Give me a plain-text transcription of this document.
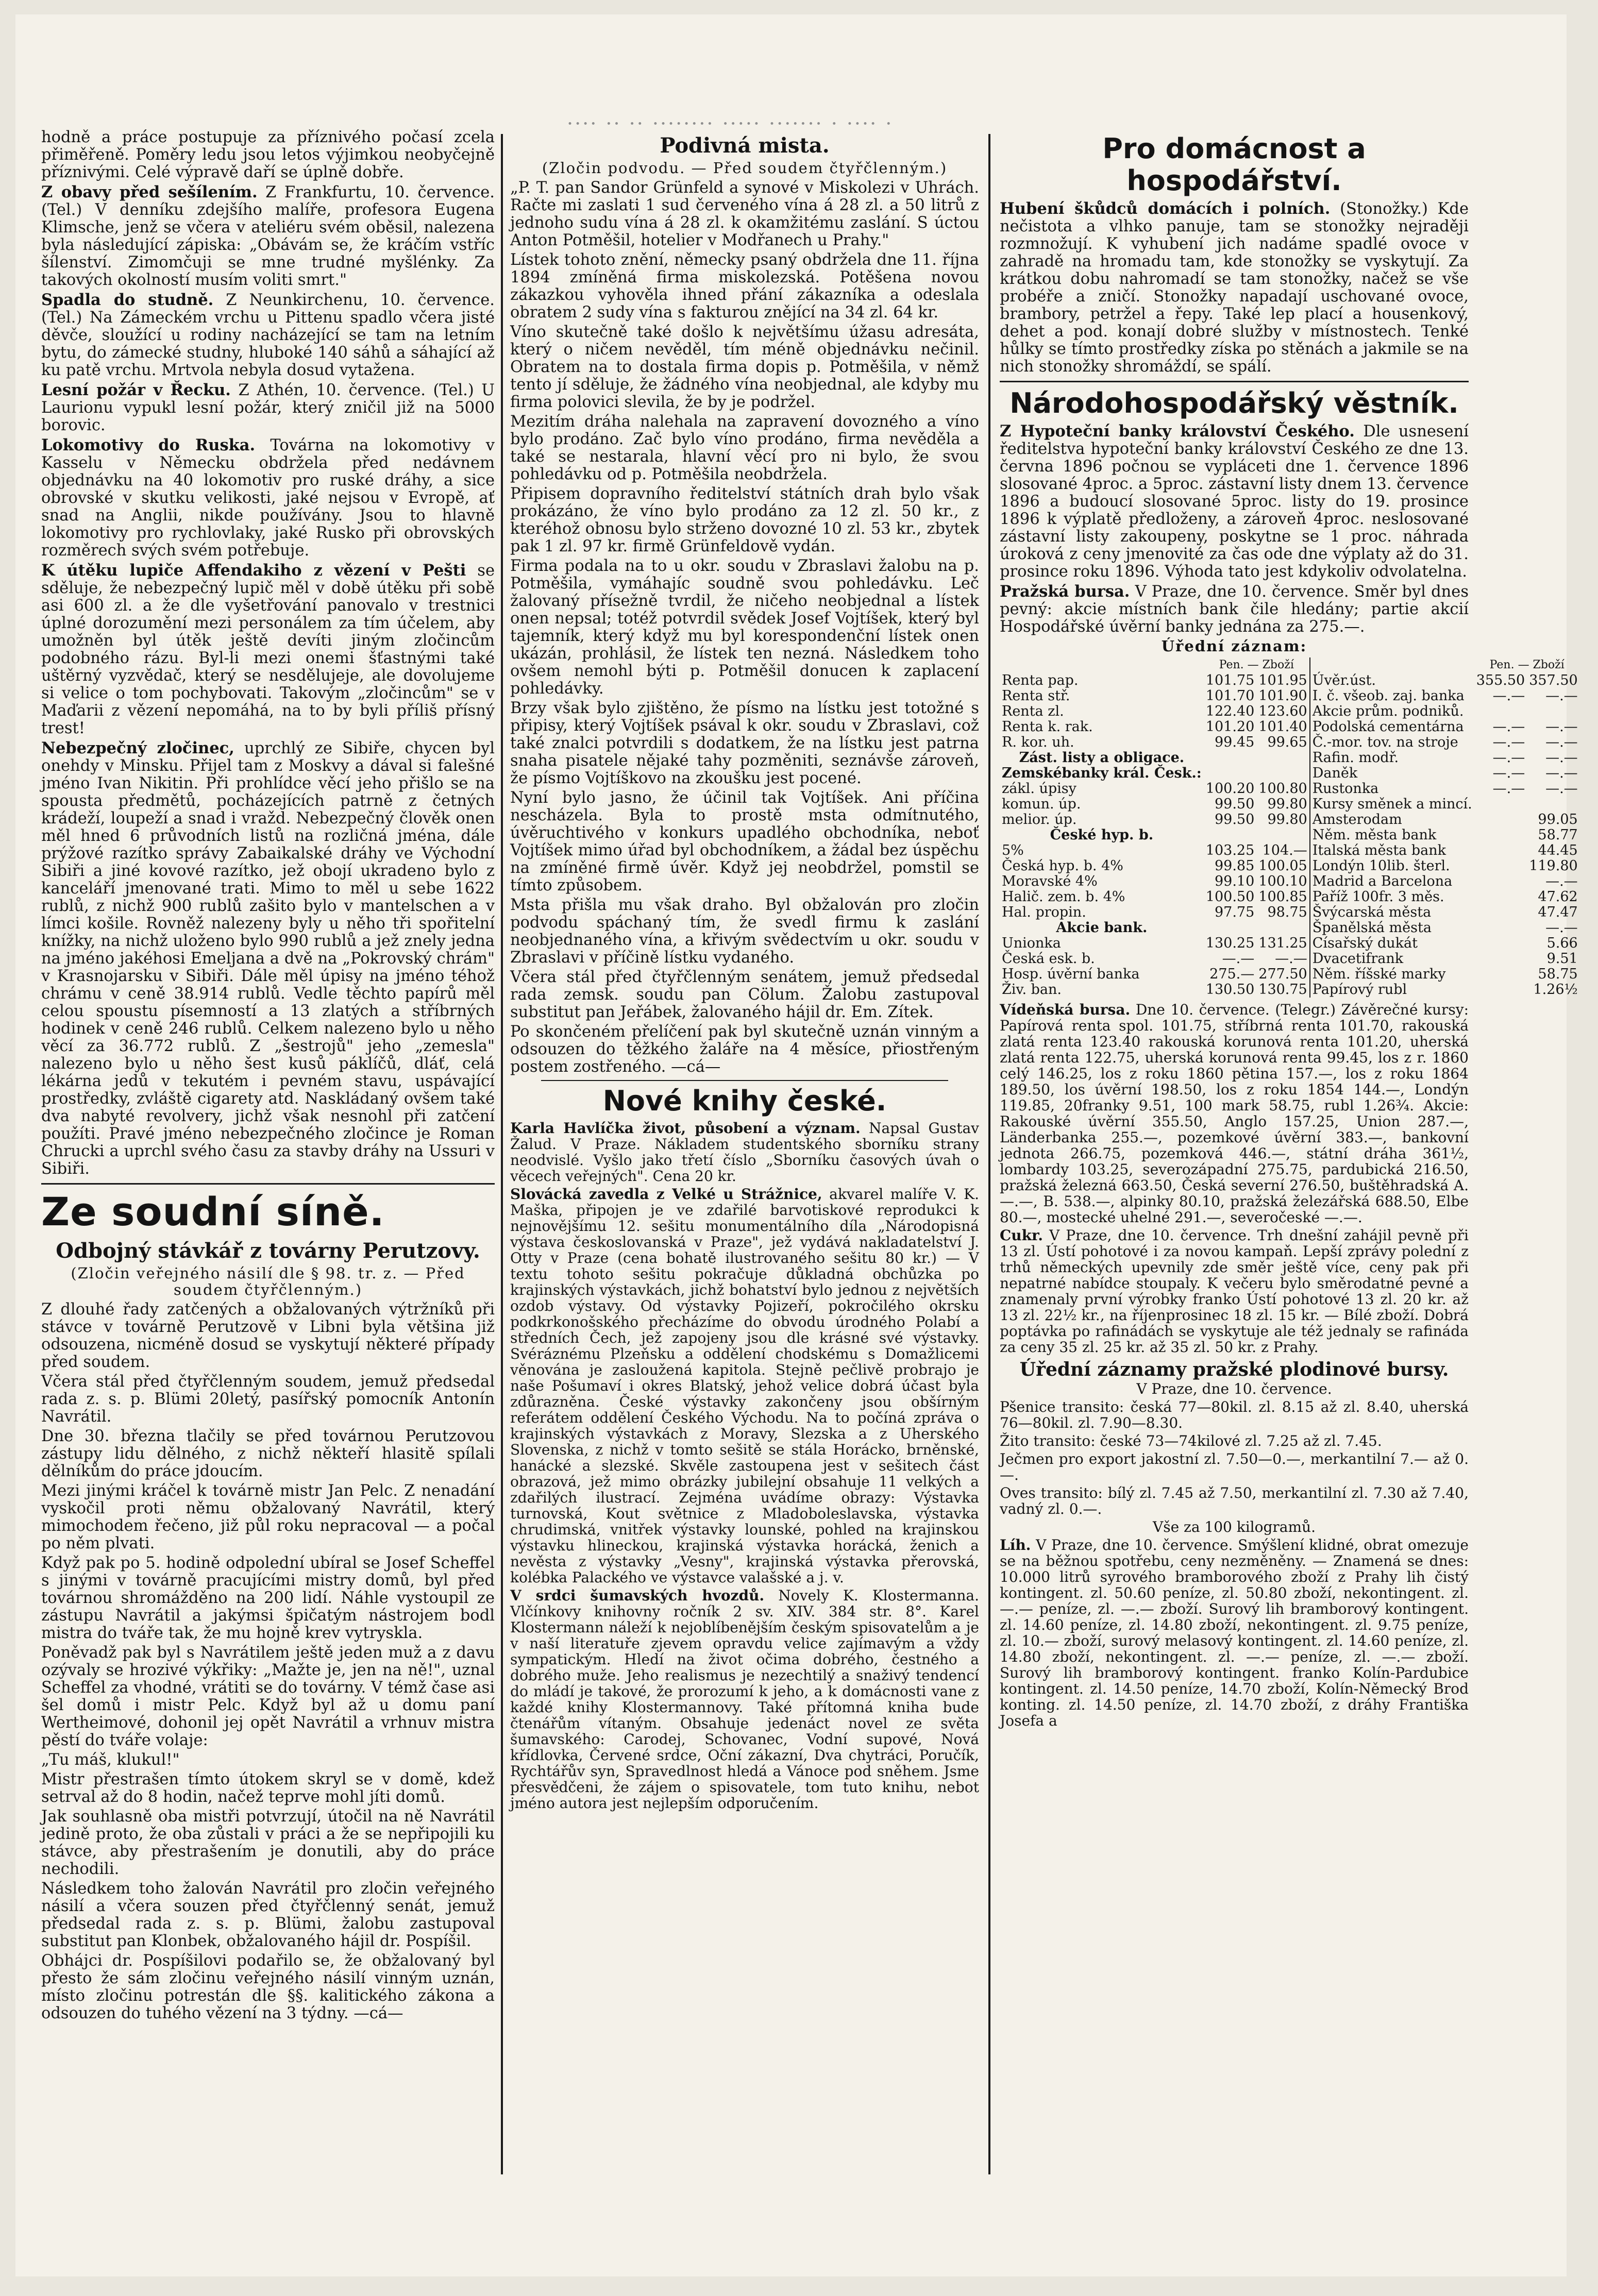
···· ·· ·· ········ ····· ······· · ···· ·

hodně a práce postupuje za příznivého počasí zcela přiměřeně. Poměry ledu jsou letos výjimkou neobyčejně příznivými. Celé výpravě daří se úplně dobře.

Z obavy před sešílením. Z Frankfurtu, 10. července. (Tel.) V denníku zdejšího malíře, profesora Eugena Klimsche, jenž se včera v ateliéru svém oběsil, nalezena byla následující zápiska: „Obávám se, že kráčím vstříc šílenství. Zimomčuji se mne trudné myšlénky. Za takových okolností musím voliti smrt."

Spadla do studně. Z Neunkirchenu, 10. července. (Tel.) Na Zámeckém vrchu u Pittenu spadlo včera jisté děvče, sloužící u rodiny nacházející se tam na letním bytu, do zámecké studny, hluboké 140 sáhů a sáhající až ku patě vrchu. Mrtvola nebyla dosud vytažena.

Lesní požár v Řecku. Z Athén, 10. července. (Tel.) U Laurionu vypukl lesní požár, který zničil již na 5000 borovic.

Lokomotivy do Ruska. Továrna na lokomotivy v Kasselu v Německu obdržela před nedávnem objednávku na 40 lokomotiv pro ruské dráhy, a sice obrovské v skutku velikosti, jaké nejsou v Evropě, ať snad na Anglii, nikde používány. Jsou to hlavně lokomotivy pro rychlovlaky, jaké Rusko při obrovských rozměrech svých svém potřebuje.

K útěku lupiče Affendakiho z vězení v Pešti se sděluje, že nebezpečný lupič měl v době útěku při sobě asi 600 zl. a že dle vyšetřování panovalo v trestnici úplné dorozumění mezi personálem za tím účelem, aby umožněn byl útěk ještě devíti jiným zločincům podobného rázu. Byl-li mezi onemi šťastnými také uštěrný vyzvědač, který se nesdělujeje, ale dovolujeme si velice o tom pochybovati. Takovým „zločincům" se v Maďarii z vězení nepomáhá, na to by byli příliš přísný trest!

Nebezpečný zločinec, uprchlý ze Sibiře, chycen byl onehdy v Minsku. Přijel tam z Moskvy a dával si falešné jméno Ivan Nikitin. Při prohlídce věcí jeho přišlo se na spousta předmětů, pocházejících patrně z četných krádeží, loupeží a snad i vražd. Nebezpečný člověk onen měl hned 6 průvodních listů na rozličná jména, dále prýžové razítko správy Zabaikalské dráhy ve Východní Sibiři a jiné kovové razítko, jež obojí ukradeno bylo z kanceláří jmenované trati. Mimo to měl u sebe 1622 rublů, z nichž 900 rublů zašito bylo v mantelschen a v límci košile. Rovněž nalezeny byly u něho tři spořitelní knížky, na nichž uloženo bylo 990 rublů a jež znely jedna na jméno jakéhosi Emeljana a dvě na „Pokrovský chrám" v Krasnojarsku v Sibiři. Dále měl úpisy na jméno téhož chrámu v ceně 38.914 rublů. Vedle těchto papírů měl celou spoustu písemností a 13 zlatých a stříbrných hodinek v ceně 246 rublů. Celkem nalezeno bylo u něho věcí za 36.772 rublů. Z „šestrojů" jeho „zemesla" nalezeno bylo u něho šest kusů páklíčů, dláť, celá lékárna jedů v tekutém i pevném stavu, uspávající prostředky, zvláště cigarety atd. Naskládaný ovšem také dva nabyté revolvery, jichž však nesnohl při zatčení použíti. Pravé jméno nebezpečného zločince je Roman Chrucki a uprchl svého času za stavby dráhy na Ussuri v Sibiři.

Ze soudní síně.
Odbojný stávkář z továrny Perutzovy.
(Zločin veřejného násilí dle § 98. tr. z. — Před soudem čtyřčlenným.)

Z dlouhé řady zatčených a obžalovaných výtržníků při stávce v továrně Perutzově v Libni byla většina již odsouzena, nicméně dosud se vyskytují některé případy před soudem.

Včera stál před čtyřčlenným soudem, jemuž předsedal rada z. s. p. Blümi 20letý, pasířský pomocník Antonín Navrátil.

Dne 30. března tlačily se před továrnou Perutzovou zástupy lidu dělného, z nichž někteří hlasitě spílali dělníkům do práce jdoucím.

Mezi jinými kráčel k továrně mistr Jan Pelc. Z nenadání vyskočil proti němu obžalovaný Navrátil, který mimochodem řečeno, již půl roku nepracoval — a počal po něm plvati.

Když pak po 5. hodině odpolední ubíral se Josef Scheffel s jinými v továrně pracujícími mistry domů, byl před továrnou shromážděno na 200 lidí. Náhle vystoupil ze zástupu Navrátil a jakýmsi špičatým nástrojem bodl mistra do tváře tak, že mu hojně krev vytryskla.

Poněvadž pak byl s Navrátilem ještě jeden muž a z davu ozývaly se hrozivé výkřiky: „Mažte je, jen na ně!", uznal Scheffel za vhodné, vrátiti se do továrny. V témž čase asi šel domů i mistr Pelc. Když byl až u domu paní Wertheimové, dohonil jej opět Navrátil a vrhnuv mistra pěstí do tváře volaje:

„Tu máš, klukul!"

Mistr přestrašen tímto útokem skryl se v domě, kdež setrval až do 8 hodin, načež teprve mohl jíti domů.

Jak souhlasně oba mistři potvrzují, útočil na ně Navrátil jedině proto, že oba zůstali v práci a že se nepřipojili ku stávce, aby přestrašením je donutili, aby do práce nechodili.

Následkem toho žalován Navrátil pro zločin veřejného násilí a včera souzen před čtyřčlenný senát, jemuž předsedal rada z. s. p. Blümi, žalobu zastupoval substitut pan Klonbek, obžalovaného hájil dr. Pospíšil.

Obhájci dr. Pospíšilovi podařilo se, že obžalovaný byl přesto že sám zločinu veřejného násilí vinným uznán, místo zločinu potrestán dle §§. kalitického zákona a odsouzen do tuhého vězení na 3 týdny. —cá—

Podivná mista.
(Zločin podvodu. — Před soudem čtyřčlenným.)

„P. T. pan Sandor Grünfeld a synové v Miskolezi v Uhrách. Račte mi zaslati 1 sud červeného vína á 28 zl. a 50 litrů z jednoho sudu vína á 28 zl. k okamžitému zaslání. S úctou Anton Potměšil, hotelier v Modřanech u Prahy."

Lístek tohoto znění, německy psaný obdržela dne 11. října 1894 zmíněná firma miskolezská. Potěšena novou zákazkou vyhověla ihned přání zákazníka a odeslala obratem 2 sudy vína s fakturou znějící na 34 zl. 64 kr.

Víno skutečně také došlo k největšímu úžasu adresáta, který o ničem nevěděl, tím méně objednávku nečinil. Obratem na to dostala firma dopis p. Potměšila, v němž tento jí sděluje, že žádného vína neobjednal, ale kdyby mu firma polovici slevila, že by je podržel.

Mezitím dráha nalehala na zapravení dovozného a víno bylo prodáno. Zač bylo víno prodáno, firma nevěděla a také se nestarala, hlavní věcí pro ni bylo, že svou pohledávku od p. Potměšila neobdržela.

Připisem dopravního ředitelství státních drah bylo však prokázáno, že víno bylo prodáno za 12 zl. 50 kr., z kteréhož obnosu bylo strženo dovozné 10 zl. 53 kr., zbytek pak 1 zl. 97 kr. firmě Grünfeldově vydán.

Firma podala na to u okr. soudu v Zbraslavi žalobu na p. Potměšila, vymáhajíc soudně svou pohledávku. Leč žalovaný přísežně tvrdil, že ničeho neobjednal a lístek onen nepsal; totéž potvrdil svědek Josef Vojtíšek, který byl tajemník, který když mu byl korespondenční lístek onen ukázán, prohlásil, že lístek ten nezná. Následkem toho ovšem nemohl býti p. Potměšil donucen k zaplacení pohledávky.

Brzy však bylo zjištěno, že písmo na lístku jest totožné s připisy, který Vojtíšek psával k okr. soudu v Zbraslavi, což také znalci potvrdili s dodatkem, že na lístku jest patrna snaha pisatele nějaké tahy pozměniti, seznávše zároveň, že písmo Vojtíškovo na zkoušku jest pocené.

Nyní bylo jasno, že účinil tak Vojtíšek. Ani příčina nescházela. Byla to prostě msta odmítnutého, úvěruchtivého v konkurs upadlého obchodníka, neboť Vojtíšek mimo úřad byl obchodníkem, a žádal bez úspěchu na zmíněné firmě úvěr. Když jej neobdržel, pomstil se tímto způsobem.

Msta přišla mu však draho. Byl obžalován pro zločin podvodu spáchaný tím, že svedl firmu k zaslání neobjednaného vína, a křivým svědectvím u okr. soudu v Zbraslavi v příčině lístku vydaného.

Včera stál před čtyřčlenným senátem, jemuž předsedal rada zemsk. soudu pan Cölum. Žalobu zastupoval substitut pan Jeřábek, žalovaného hájil dr. Em. Zítek.

Po skončeném přelíčení pak byl skutečně uznán vinným a odsouzen do těžkého žaláře na 4 měsíce, přiostřeným postem zostřeného. —cá—

Nové knihy české.

Karla Havlíčka život, působení a význam. Napsal Gustav Žalud. V Praze. Nákladem studentského sborníku strany neodvislé. Vyšlo jako třetí číslo „Sborníku časových úvah o věcech veřejných". Cena 20 kr.

Slovácká zavedla z Velké u Strážnice, akvarel malíře V. K. Maška, připojen je ve zdařilé barvotiskové reprodukci k nejnovějšímu 12. sešitu monumentálního díla „Národopisná výstava českoslovanská v Praze", jež vydává nakladatelství J. Otty v Praze (cena bohatě ilustrovaného sešitu 80 kr.) — V textu tohoto sešitu pokračuje důkladná obchůzka po krajinských výstavkách, jichž bohatství bylo jednou z největších ozdob výstavy. Od výstavky Pojizeří, pokročilého okrsku podkrkonošského přecházíme do obvodu úrodného Polabí a středních Čech, jež zapojeny jsou dle krásné své výstavky. Svéráznému Plzeňsku a oddělení chodskému s Domažlicemi věnována je zasloužená kapitola. Stejně pečlivě probrajo je naše Pošumaví i okres Blatský, jehož velice dobrá účast byla zdůrazněna. České výstavky zakončeny jsou obšírným referátem oddělení Českého Východu. Na to počíná zpráva o krajinských výstavkách z Moravy, Slezska a z Uherského Slovenska, z nichž v tomto sešitě se stála Horácko, brněnské, hanácké a slezské. Skvěle zastoupena jest v sešitech část obrazová, jež mimo obrázky jubilejní obsahuje 11 velkých a zdařilých ilustrací. Zejména uvádíme obrazy: Výstavka turnovská, Kout světnice z Mladoboleslavska, výstavka chrudimská, vnitřek výstavky lounské, pohled na krajinskou výstavku hlineckou, krajinská výstavka horácká, ženich a nevěsta z výstavky „Vesny", krajinská výstavka přerovská, kolébka Palackého ve výstavce valašské a j. v.

V srdci šumavských hvozdů. Novely K. Klostermanna. Vlčínkovy knihovny ročník 2 sv. XIV. 384 str. 8°. Karel Klostermann náleží k nejoblíbenějším českým spisovatelům a je v naší literatuře zjevem opravdu velice zajímavým a vždy sympatickým. Hledí na život očima dobrého, čestného a dobrého muže. Jeho realismus je nezechtilý a snaživý tendencí do mládí je takové, že prorozumí k jeho, a k domácnosti vane z každé knihy Klostermannovy. Také přítomná kniha bude čtenářům vítaným. Obsahuje jedenáct novel ze světa šumavského: Carodej, Schovanec, Vodní supové, Nová křídlovka, Červené srdce, Oční zákazní, Dva chytráci, Poručík, Rychtářův syn, Spravedlnost hledá a Vánoce pod sněhem. Jsme přesvědčeni, že zájem o spisovatele, tom tuto knihu, nebot jméno autora jest nejlepším odporučením.

Pro domácnost a hospodářství.

Hubení škůdců domácích i polních. (Stonožky.) Kde nečistota a vlhko panuje, tam se stonožky nejraději rozmnožují. K vyhubení jich nadáme spadlé ovoce v zahradě na hromadu tam, kde stonožky se vyskytují. Za krátkou dobu nahromadí se tam stonožky, načež se vše probéře a zničí. Stonožky napadají uschované ovoce, brambory, petržel a řepy. Také lep plací a housenkový, dehet a pod. konají dobré služby v místnostech. Tenké hůlky se tímto prostředky získa po stěnách a jakmile se na nich stonožky shromáždí, se spálí.

Národohospodářský věstník.

Z Hypoteční banky království Českého. Dle usnesení ředitelstva hypoteční banky království Českého ze dne 13. června 1896 počnou se vypláceti dne 1. července 1896 slosované 4proc. a 5proc. zástavní listy dnem 13. července 1896 a budoucí slosované 5proc. listy do 19. prosince 1896 k výplatě předloženy, a zároveň 4proc. neslosované zástavní listy zakoupeny, poskytne se 1 proc. náhrada úroková z ceny jmenovité za čas ode dne výplaty až do 31. prosince roku 1896. Výhoda tato jest kdykoliv odvolatelna.

Pražská bursa. V Praze, dne 10. července. Směr byl dnes pevný: akcie místních bank čile hledány; partie akcií Hospodářské úvěrní banky jednána za 275.—.

Úřední záznam:
	Pen. — Zboží			Pen. — Zboží	
Renta pap.	101.75	101.95	Úvěr.úst.	355.50	357.50
Renta stř.	101.70	101.90	I. č. všeob. zaj. banka	—.—	—.—
Renta zl.	122.40	123.60	Akcie prům. podniků.		
Renta k. rak.	101.20	101.40	Podolská cementárna	—.—	—.—
R. kor. uh.	99.45	99.65	Č.-mor. tov. na stroje	—.—	—.—
Zást. listy a obligace.			Rafin. modř.	—.—	—.—
Zemskébanky král. Česk.:			Daněk	—.—	—.—
zákl. úpisy	100.20	100.80	Rustonka	—.—	—.—
komun. úp.	99.50	99.80	Kursy směnek a mincí.		
melior. úp.	99.50	99.80	Amsterodam		99.05
České hyp. b.			Něm. města bank		58.77
5%	103.25	104.—	Italská města bank		44.45
Česká hyp. b. 4%	99.85	100.05	Londýn 10lib. šterl.		119.80
Moravské 4%	99.10	100.10	Madrid a Barcelona		—.—
Halič. zem. b. 4%	100.50	100.85	Paříž 100fr. 3 měs.		47.62
Hal. propin.	97.75	98.75	Švýcarská města		47.47
Akcie bank.			Španělská města		—.—
Unionka	130.25	131.25	Císařský dukát		5.66
Česká esk. b.	—.—	—.—	Dvacetifrank		9.51
Hosp. úvěrní banka	275.—	277.50	Něm. říšské marky		58.75
Živ. ban.	130.50	130.75	Papírový rubl		1.26½

Vídeňská bursa. Dne 10. července. (Telegr.) Závěrečné kursy: Papírová renta spol. 101.75, stříbrná renta 101.70, rakouská zlatá renta 123.40 rakouská korunová renta 101.20, uherská zlatá renta 122.75, uherská korunová renta 99.45, los z r. 1860 celý 146.25, los z roku 1860 pětina 157.—, los z roku 1864 189.50, los úvěrní 198.50, los z roku 1854 144.—, Londýn 119.85, 20franky 9.51, 100 mark 58.75, rubl 1.26¾. Akcie: Rakouské úvěrní 355.50, Anglo 157.25, Union 287.—, Länderbanka 255.—, pozemkové úvěrní 383.—, bankovní jednota 266.75, pozemková 446.—, státní dráha 361½, lombardy 103.25, severozápadní 275.75, pardubická 216.50, pražská železná 663.50, Česká severní 276.50, buštěhradská A. —.—, B. 538.—, alpinky 80.10, pražská železářská 688.50, Elbe 80.—, mostecké uhelné 291.—, severočeské —.—.

Cukr. V Praze, dne 10. července. Trh dnešní zahájil pevně při 13 zl. Ústí pohotové i za novou kampaň. Lepší zprávy polední z trhů německých upevnily zde směr ještě více, ceny pak při nepatrné nabídce stoupaly. K večeru bylo směrodatné pevné a znamenaly první výrobky franko Ústí pohotové 13 zl. 20 kr. až 13 zl. 22½ kr., na říjenprosinec 18 zl. 15 kr. — Bílé zboží. Dobrá poptávka po rafinádách se vyskytuje ale též jednaly se rafináda za ceny 35 zl. 25 kr. až 35 zl. 50 kr. z Prahy.

Úřední záznamy pražské plodinové bursy.

V Praze, dne 10. července.

Pšenice transito: česká 77—80kil. zl. 8.15 až zl. 8.40, uherská 76—80kil. zl. 7.90—8.30.

Žito transito: české 73—74kilové zl. 7.25 až zl. 7.45.

Ječmen pro export jakostní zl. 7.50—0.—, merkantilní 7.— až 0.—.

Oves transito: bílý zl. 7.45 až 7.50, merkantilní zl. 7.30 až 7.40, vadný zl. 0.—.

Vše za 100 kilogramů.

Líh. V Praze, dne 10. července. Smýšlení klidné, obrat omezuje se na běžnou spotřebu, ceny nezměněny. — Znamená se dnes: 10.000 litrů syrového bramborového zboží z Prahy lih čistý kontingent. zl. 50.60 peníze, zl. 50.80 zboží, nekontingent. zl. —.— peníze, zl. —.— zboží. Surový lih bramborový kontingent. zl. 14.60 peníze, zl. 14.80 zboží, nekontingent. zl. 9.75 peníze, zl. 10.— zboží, surový melasový kontingent. zl. 14.60 peníze, zl. 14.80 zboží, nekontingent. zl. —.— peníze, zl. —.— zboží. Surový lih bramborový kontingent. franko Kolín-Pardubice kontingent. zl. 14.50 peníze, 14.70 zboží, Kolín-Německý Brod konting. zl. 14.50 peníze, zl. 14.70 zboží, z dráhy Františka Josefa a
